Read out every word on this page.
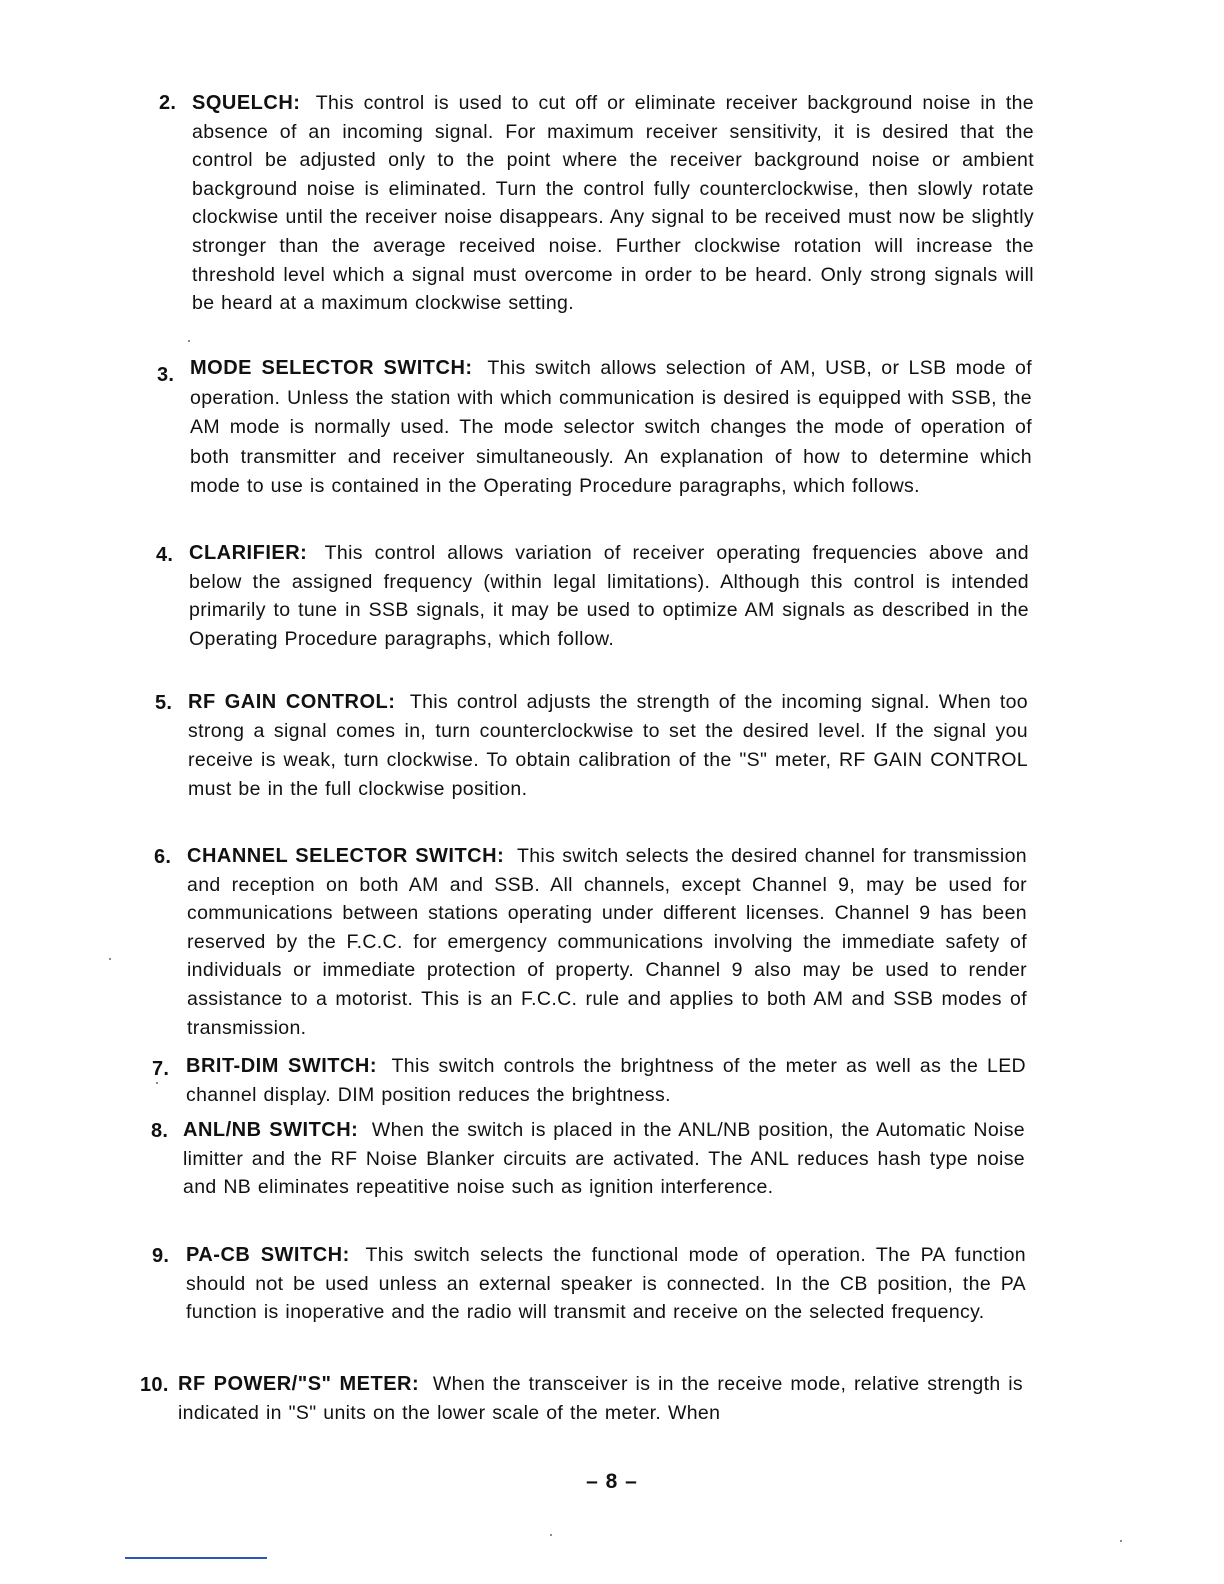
2. SQUELCH: This control is used to cut off or eliminate receiver background noise in the absence of an incoming signal. For maximum receiver sensitivity, it is desired that the control be adjusted only to the point where the receiver background noise or ambient background noise is eliminated. Turn the control fully counterclockwise, then slowly rotate clockwise until the receiver noise disappears. Any signal to be received must now be slightly stronger than the average received noise. Further clockwise rotation will increase the threshold level which a signal must overcome in order to be heard. Only strong signals will be heard at a maximum clockwise setting.
3. MODE SELECTOR SWITCH: This switch allows selection of AM, USB, or LSB mode of operation. Unless the station with which communication is desired is equipped with SSB, the AM mode is normally used. The mode selector switch changes the mode of operation of both transmitter and receiver simultaneously. An explanation of how to determine which mode to use is contained in the Operating Procedure paragraphs, which follows.
4. CLARIFIER: This control allows variation of receiver operating frequencies above and below the assigned frequency (within legal limitations). Although this control is intended primarily to tune in SSB signals, it may be used to optimize AM signals as described in the Operating Procedure paragraphs, which follow.
5. RF GAIN CONTROL: This control adjusts the strength of the incoming signal. When too strong a signal comes in, turn counterclockwise to set the desired level. If the signal you receive is weak, turn clockwise. To obtain calibration of the "S" meter, RF GAIN CONTROL must be in the full clockwise position.
6. CHANNEL SELECTOR SWITCH: This switch selects the desired channel for transmission and reception on both AM and SSB. All channels, except Channel 9, may be used for communications between stations operating under different licenses. Channel 9 has been reserved by the F.C.C. for emergency communications involving the immediate safety of individuals or immediate protection of property. Channel 9 also may be used to render assistance to a motorist. This is an F.C.C. rule and applies to both AM and SSB modes of transmission.
7. BRIT-DIM SWITCH: This switch controls the brightness of the meter as well as the LED channel display. DIM position reduces the brightness.
8. ANL/NB SWITCH: When the switch is placed in the ANL/NB position, the Automatic Noise limitter and the RF Noise Blanker circuits are activated. The ANL reduces hash type noise and NB eliminates repeatitive noise such as ignition interference.
9. PA-CB SWITCH: This switch selects the functional mode of operation. The PA function should not be used unless an external speaker is connected. In the CB position, the PA function is inoperative and the radio will transmit and receive on the selected frequency.
10. RF POWER/"S" METER: When the transceiver is in the receive mode, relative strength is indicated in "S" units on the lower scale of the meter. When
– 8 –
